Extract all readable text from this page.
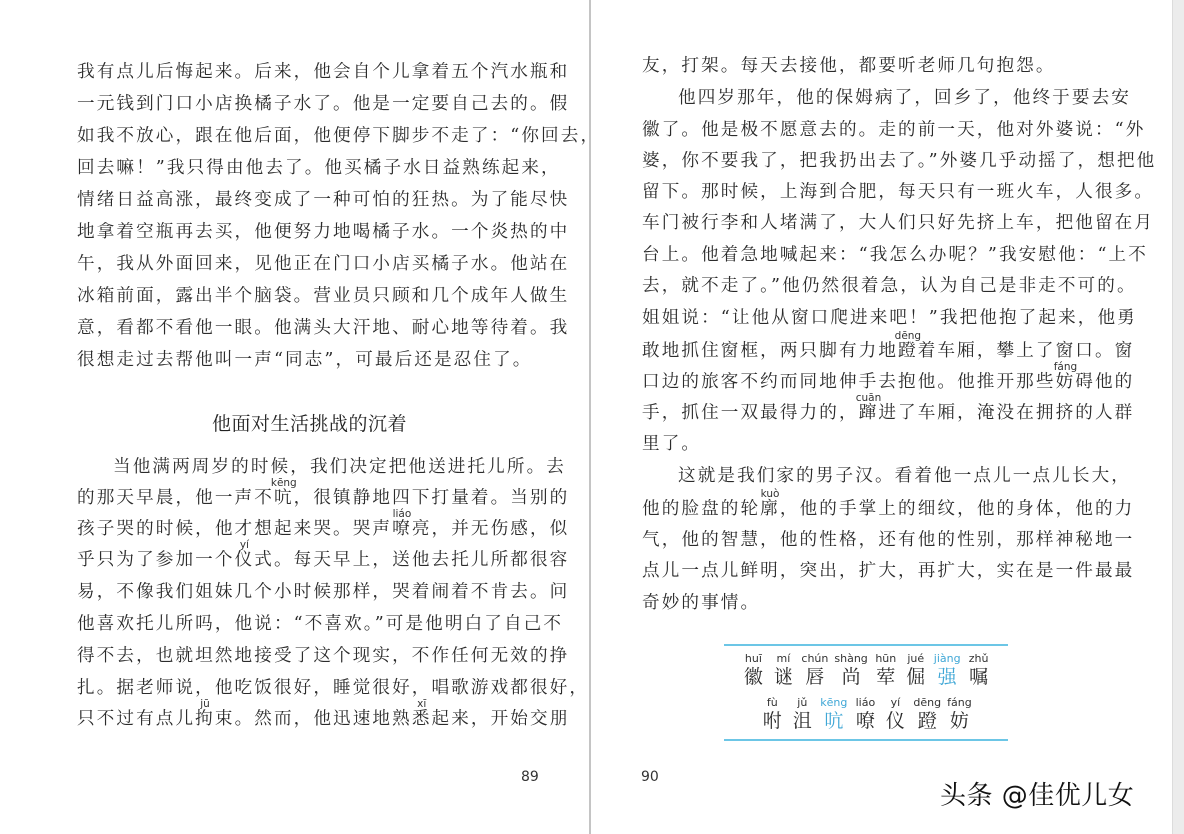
我有点儿后悔起来。后来，他会自个儿拿着五个汽水瓶和
一元钱到门口小店换橘子水了。他是一定要自己去的。假
如我不放心，跟在他后面，他便停下脚步不走了：“你回去，
回去嘛！”我只得由他去了。他买橘子水日益熟练起来，
情绪日益高涨，最终变成了一种可怕的狂热。为了能尽快
地拿着空瓶再去买，他便努力地喝橘子水。一个炎热的中
午，我从外面回来，见他正在门口小店买橘子水。他站在
冰箱前面，露出半个脑袋。营业员只顾和几个成年人做生
意，看都不看他一眼。他满头大汗地、耐心地等待着。我
很想走过去帮他叫一声“同志”，可最后还是忍住了。
他面对生活挑战的沉着
当他满两周岁的时候，我们决定把他送进托儿所。去
的那天早晨，他一声不
kēng
吭，很镇静地四下打量着。当别的
孩子哭的时候，他才想起来哭。哭声
liáo
嘹亮，并无伤感，似
乎只为了参加一个
yí
仪式。每天早上，送他去托儿所都很容
易，不像我们姐妹几个小时候那样，哭着闹着不肯去。问
他喜欢托儿所吗，他说：“不喜欢。”可是他明白了自己不
得不去，也就坦然地接受了这个现实，不作任何无效的挣
扎。据老师说，他吃饭很好，睡觉很好，唱歌游戏都很好，
只不过有点儿
jū
拘束。然而，他迅速地熟
xī
悉起来，开始交朋
89
友，打架。每天去接他，都要听老师几句抱怨。
他四岁那年，他的保姆病了，回乡了，他终于要去安
徽了。他是极不愿意去的。走的前一天，他对外婆说：“外
婆，你不要我了，把我扔出去了。”外婆几乎动摇了，想把他
留下。那时候，上海到合肥，每天只有一班火车，人很多。
车门被行李和人堵满了，大人们只好先挤上车，把他留在月
台上。他着急地喊起来：“我怎么办呢？”我安慰他：“上不
去，就不走了。”他仍然很着急，认为自己是非走不可的。
姐姐说：“让他从窗口爬进来吧！”我把他抱了起来，他勇
敢地抓住窗框，两只脚有力地
dēng
蹬着车厢，攀上了窗口。窗
口边的旅客不约而同地伸手去抱他。他推开那些
fáng
妨碍他的
手，抓住一双最得力的，
cuān
蹿进了车厢，淹没在拥挤的人群
里了。
这就是我们家的男子汉。看着他一点儿一点儿长大，
他的脸盘的轮
kuò
廓，他的手掌上的细纹，他的身体，他的力
气，他的智慧，他的性格，还有他的性别，那样神秘地一
点儿一点儿鲜明，突出，扩大，再扩大，实在是一件最最
奇妙的事情。
huī
徽
mí
谜
chún
唇
shàng
尚
hūn
荤
jué
倔
jiàng
强
zhǔ
嘱
fù
咐
jǔ
沮
kēng
吭
liáo
嘹
yí
仪
dēng
蹬
fáng
妨
90
头条 @佳优儿女
